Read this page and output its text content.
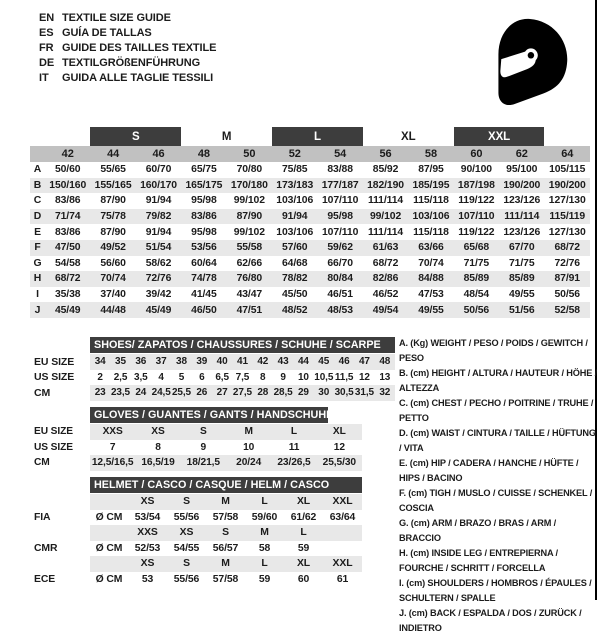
EN TEXTILE SIZE GUIDE
ES GUÍA DE TALLAS
FR GUIDE DES TAILLES TEXTILE
DE TEXTILGRÖßENFÜHRUNG
IT	GUIDA ALLE TAGLIE TESSILI
		S		M		L		XL		XXL		
	42	44	46	48	50	52	54	56	58	60	62	64
A	50/60	55/65	60/70	65/75	70/80	75/85	83/88	85/92	87/95	90/100	95/100	105/115
B	150/160	155/165	160/170	165/175	170/180	173/183	177/187	182/190	185/195	187/198	190/200	190/200
C	83/86	87/90	91/94	95/98	99/102	103/106	107/110	111/114	115/118	119/122	123/126	127/130
D	71/74	75/78	79/82	83/86	87/90	91/94	95/98	99/102	103/106	107/110	111/114	115/119
E	83/86	87/90	91/94	95/98	99/102	103/106	107/110	111/114	115/118	119/122	123/126	127/130
F	47/50	49/52	51/54	53/56	55/58	57/60	59/62	61/63	63/66	65/68	67/70	68/72
G	54/58	56/60	58/62	60/64	62/66	64/68	66/70	68/72	70/74	71/75	71/75	72/76
H	68/72	70/74	72/76	74/78	76/80	78/82	80/84	82/86	84/88	85/89	85/89	87/91
I	35/38	37/40	39/42	41/45	43/47	45/50	46/51	46/52	47/53	48/54	49/55	50/56
J	45/49	44/48	45/49	46/50	47/51	48/52	48/53	49/54	49/55	50/56	51/56	52/58

	SHOES/ ZAPATOS / CHAUSSURES / SCHUHE / SCARPE														

EU SIZE	34	35	36	37	38	39	40	41	42	43	44	45	46	47	48
US SIZE	2	2,5	3,5	4	5	6	6,5	7,5	8	9	10	10,5	11,5	12	13
CM	23	23,5	24	24,5	25,5	26	27	27,5	28	28,5	29	30	30,5	31,5	32

	GLOVES / GUANTES / GANTS / HANDSCHUHE / GUANTI					

EU SIZE	XXS	XS	S	M	L	XL
US SIZE	7	8	9	10	11	12
CM	12,5/16,5	16,5/19	18/21,5	20/24	23/26,5	25,5/30

	HELMET / CASCO / CASQUE / HELM / CASCO						

		XS	S	M	L	XL	XXL
FIA	Ø CM	53/54	55/56	57/58	59/60	61/62	63/64
		XXS	XS	S	M	L	
CMR	Ø CM	52/53	54/55	56/57	58	59	
		XS	S	M	L	XL	XXL
ECE	Ø CM	53	55/56	57/58	59	60	61
A. (Kg) WEIGHT / PESO / POIDS / GEWITCH / PESO
B. (cm) HEIGHT / ALTURA / HAUTEUR / HÖHE / ALTEZZA
C. (cm) CHEST / PECHO / POITRINE / TRUHE / PETTO
D. (cm) WAIST / CINTURA / TAILLE / HÜFTUNG / VITA
E. (cm) HIP / CADERA / HANCHE / HÜFTE / HIPS / BACINO
F. (cm) TIGH / MUSLO / CUISSE / SCHENKEL / COSCIA
G. (cm) ARM / BRAZO / BRAS / ARM / BRACCIO
H. (cm) INSIDE LEG / ENTREPIERNA / FOURCHE / SCHRITT / FORCELLA
I. (cm) SHOULDERS / HOMBROS / ÉPAULES / SCHULTERN / SPALLE
J. (cm) BACK / ESPALDA / DOS / ZURÜCK / INDIETRO
